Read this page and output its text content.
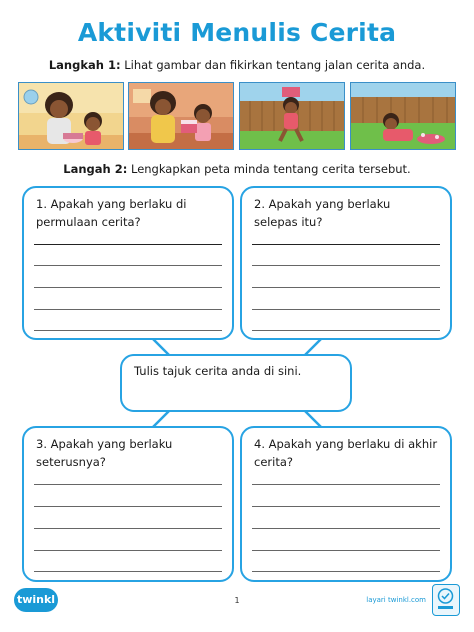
Aktiviti Menulis Cerita
Langkah 1: Lihat gambar dan fikirkan tentang jalan cerita anda.
Langah 2: Lengkapkan peta minda tentang cerita tersebut.
1. Apakah yang berlaku di
permulaan cerita?
2. Apakah yang berlaku
selepas itu?
Tulis tajuk cerita anda di sini.
3. Apakah yang berlaku
seterusnya?
4. Apakah yang berlaku di akhir
cerita?
twinkl	1	layari twinkl.com
